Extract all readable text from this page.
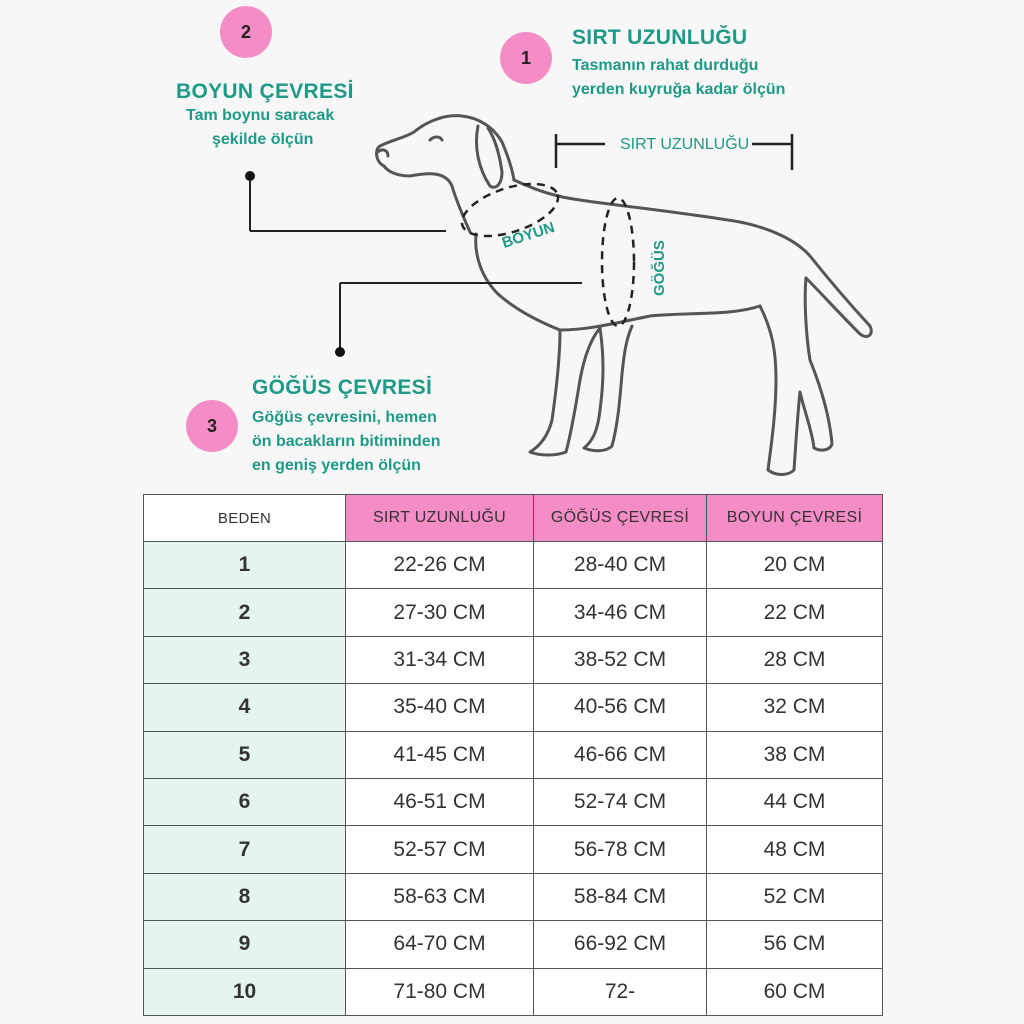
BOYUN
GÖĞÜS
SIRT UZUNLUĞU
2
1
3
SIRT UZUNLUĞU
Tasmanın rahat durduğu
yerden kuyruğa kadar ölçün
BOYUN ÇEVRESİ
Tam boynu saracak
şekilde ölçün
GÖĞÜS ÇEVRESİ
Göğüs çevresini, hemen
ön bacakların bitiminden
en geniş yerden ölçün
BEDEN	SIRT UZUNLUĞU	GÖĞÜS ÇEVRESİ	BOYUN ÇEVRESİ
1	22-26 CM	28-40 CM	20 CM
2	27-30 CM	34-46 CM	22 CM
3	31-34 CM	38-52 CM	28 CM
4	35-40 CM	40-56 CM	32 CM
5	41-45 CM	46-66 CM	38 CM
6	46-51 CM	52-74 CM	44 CM
7	52-57 CM	56-78 CM	48 CM
8	58-63 CM	58-84 CM	52 CM
9	64-70 CM	66-92 CM	56 CM
10	71-80 CM	72-	60 CM
